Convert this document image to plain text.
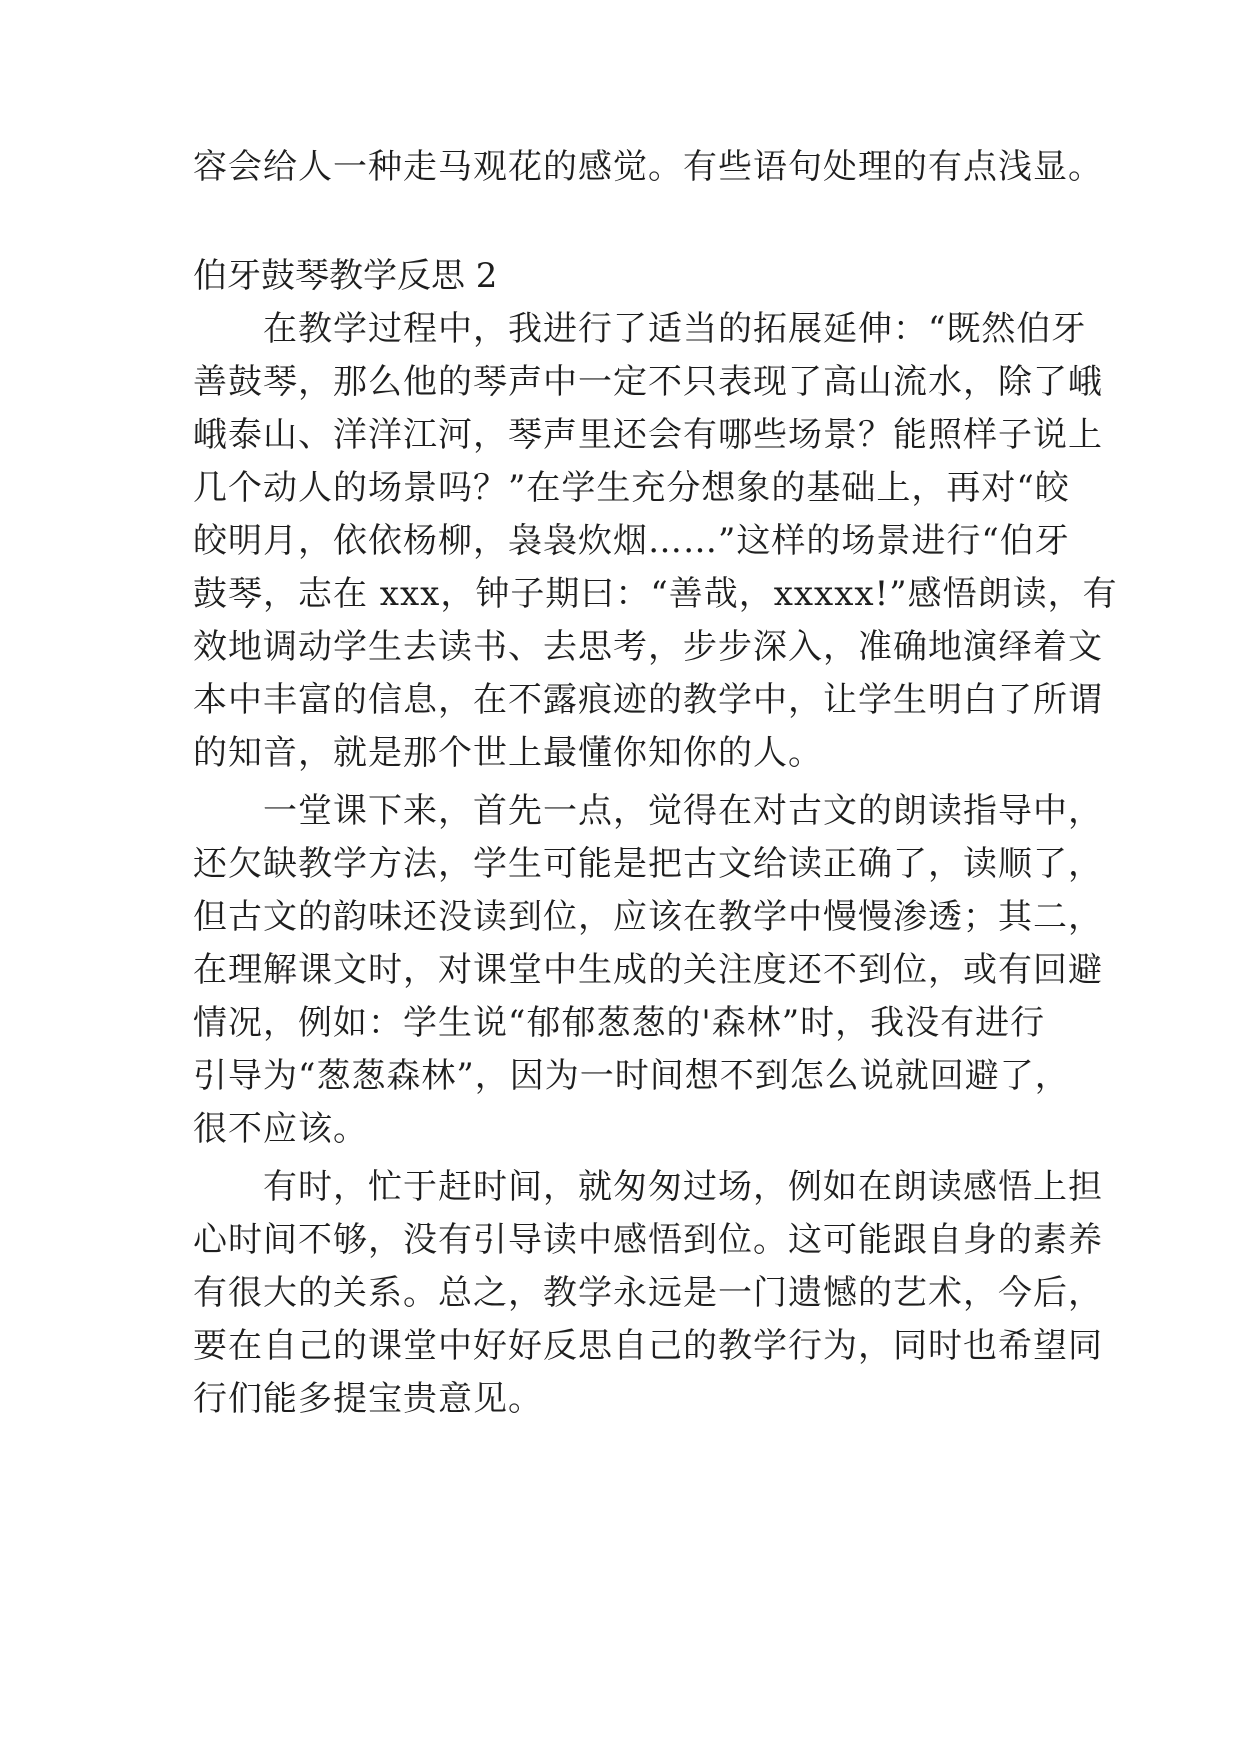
容会给人一种走马观花的感觉。有些语句处理的有点浅显。
伯牙鼓琴教学反思 2
　　在教学过程中，我进行了适当的拓展延伸：“既然伯牙
善鼓琴，那么他的琴声中一定不只表现了高山流水，除了峨
峨泰山、洋洋江河，琴声里还会有哪些场景？能照样子说上
几个动人的场景吗？”在学生充分想象的基础上，再对“皎
皎明月，依依杨柳，袅袅炊烟……”这样的场景进行“伯牙
鼓琴，志在 xxx，钟子期曰：“善哉，xxxxx!”感悟朗读，有
效地调动学生去读书、去思考，步步深入，准确地演绎着文
本中丰富的信息，在不露痕迹的教学中，让学生明白了所谓
的知音，就是那个世上最懂你知你的人。
　　一堂课下来，首先一点，觉得在对古文的朗读指导中，
还欠缺教学方法，学生可能是把古文给读正确了，读顺了，
但古文的韵味还没读到位，应该在教学中慢慢渗透；其二，
在理解课文时，对课堂中生成的关注度还不到位，或有回避
情况，例如：学生说“郁郁葱葱的'森林”时，我没有进行
引导为“葱葱森林”，因为一时间想不到怎么说就回避了，
很不应该。
　　有时，忙于赶时间，就匆匆过场，例如在朗读感悟上担
心时间不够，没有引导读中感悟到位。这可能跟自身的素养
有很大的关系。总之，教学永远是一门遗憾的艺术，今后，
要在自己的课堂中好好反思自己的教学行为，同时也希望同
行们能多提宝贵意见。
